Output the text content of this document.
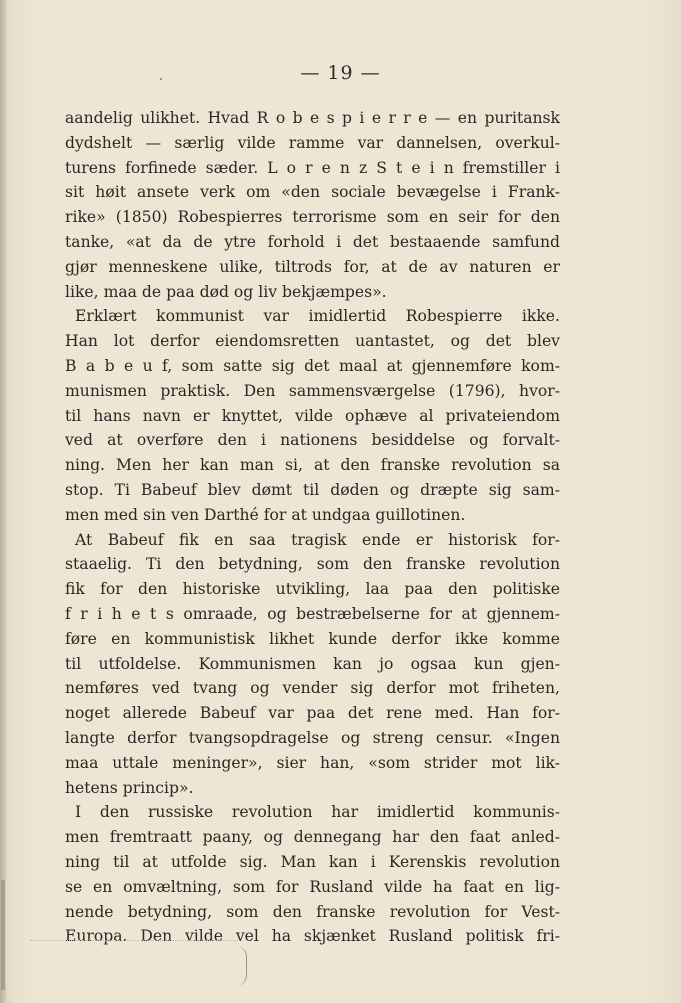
— 19 —
aandelig ulikhet. Hvad R o b e s p i e r r e — en puritansk
dydshelt — særlig vilde ramme var dannelsen, overkul-
turens forfinede sæder. L o r e n z S t e i n fremstiller i
sit høit ansete verk om «den sociale bevægelse i Frank-
rike» (1850) Robespierres terrorisme som en seir for den
tanke, «at da de ytre forhold i det bestaaende samfund
gjør menneskene ulike, tiltrods for, at de av naturen er
like, maa de paa død og liv bekjæmpes».
Erklært kommunist var imidlertid Robespierre ikke.
Han lot derfor eiendomsretten uantastet, og det blev
B a b e u f, som satte sig det maal at gjennemføre kom-
munismen praktisk. Den sammensværgelse (1796), hvor-
til hans navn er knyttet, vilde ophæve al privateiendom
ved at overføre den i nationens besiddelse og forvalt-
ning. Men her kan man si, at den franske revolution sa
stop. Ti Babeuf blev dømt til døden og dræpte sig sam-
men med sin ven Darthé for at undgaa guillotinen.
At Babeuf fik en saa tragisk ende er historisk for-
staaelig. Ti den betydning, som den franske revolution
fik for den historiske utvikling, laa paa den politiske
f r i h e t s omraade, og bestræbelserne for at gjennem-
føre en kommunistisk likhet kunde derfor ikke komme
til utfoldelse. Kommunismen kan jo ogsaa kun gjen-
nemføres ved tvang og vender sig derfor mot friheten,
noget allerede Babeuf var paa det rene med. Han for-
langte derfor tvangsopdragelse og streng censur. «Ingen
maa uttale meninger», sier han, «som strider mot lik-
hetens princip».
I den russiske revolution har imidlertid kommunis-
men fremtraatt paany, og dennegang har den faat anled-
ning til at utfolde sig. Man kan i Kerenskis revolution
se en omvæltning, som for Rusland vilde ha faat en lig-
nende betydning, som den franske revolution for Vest-
Europa. Den vilde vel ha skjænket Rusland politisk fri-
